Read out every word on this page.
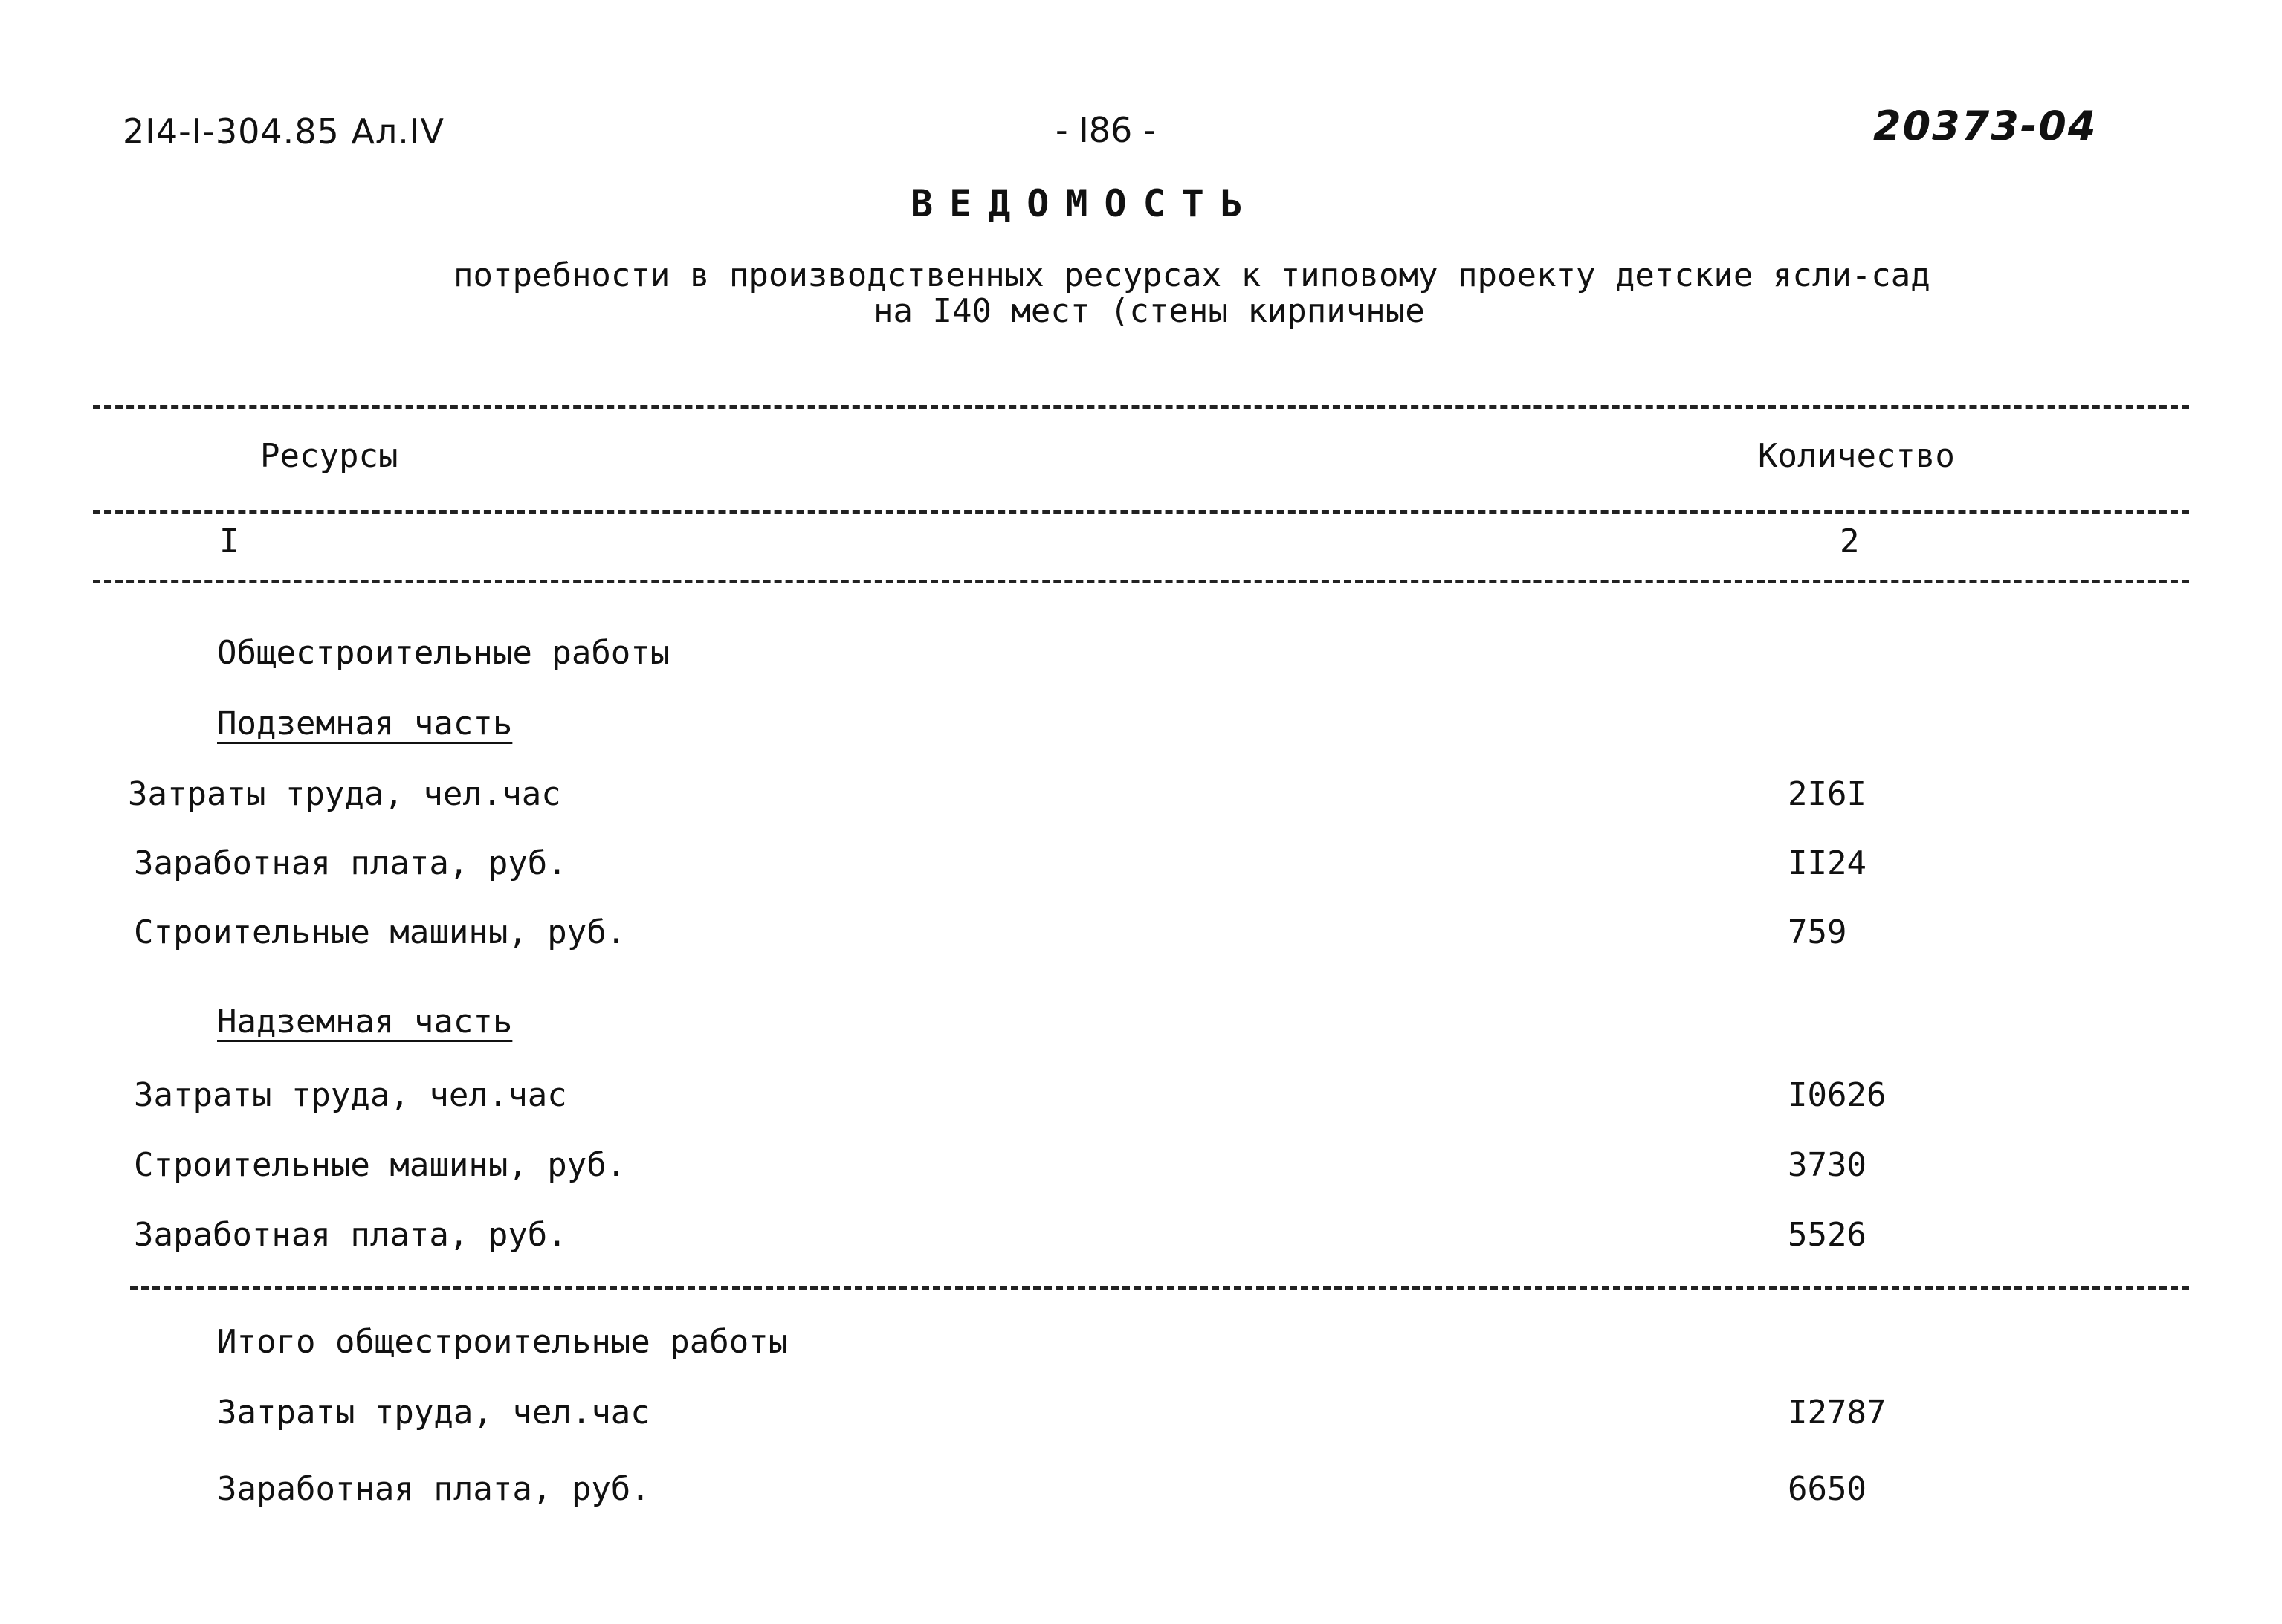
2I4-I-304.85 Ал.IV	- I86 -	20373-04
ВЕДОМОСТЬ
потребности в производственных ресурсах к типовому проекту детские ясли-сад
на I40 мест (стены кирпичные
Ресурсы	Количество
I	2
Общестроительные работы
Подземная часть
Затраты труда, чел.час	2I6I
Заработная плата, руб.	II24
Строительные машины, руб.	759
Надземная часть
Затраты труда, чел.час	I0626
Строительные машины, руб.	3730
Заработная плата, руб.	5526
Итого общестроительные работы
Затраты труда, чел.час	I2787
Заработная плата, руб.	6650
